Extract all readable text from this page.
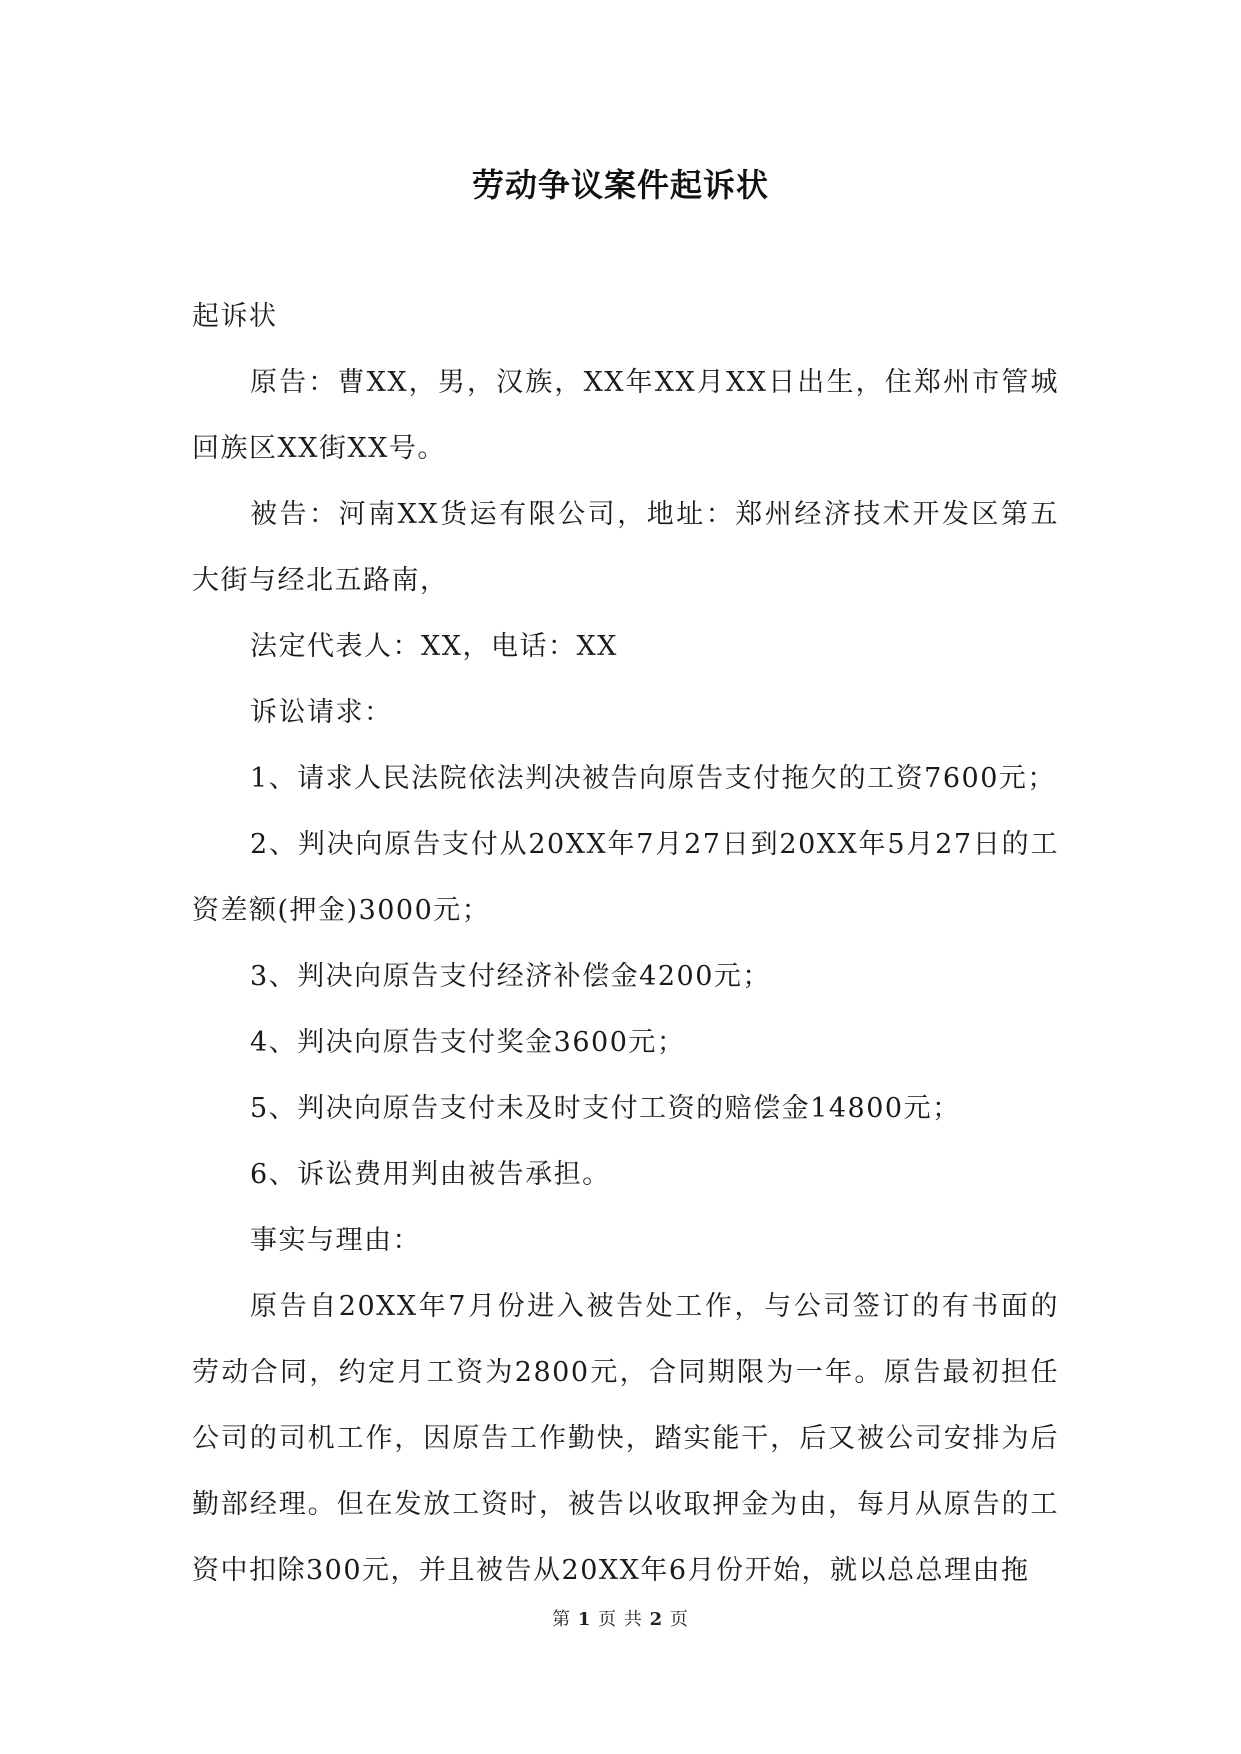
劳动争议案件起诉状

起诉状

原告：曹XX，男，汉族，XX年XX月XX日出生，住郑州市管城回族区XX街XX号。

被告：河南XX货运有限公司，地址：郑州经济技术开发区第五大街与经北五路南，

法定代表人：XX，电话：XX

诉讼请求：

1、请求人民法院依法判决被告向原告支付拖欠的工资7600元；

2、判决向原告支付从20XX年7月27日到20XX年5月27日的工资差额(押金)3000元；

3、判决向原告支付经济补偿金4200元；

4、判决向原告支付奖金3600元；

5、判决向原告支付未及时支付工资的赔偿金14800元；

6、诉讼费用判由被告承担。

事实与理由：

原告自20XX年7月份进入被告处工作，与公司签订的有书面的劳动合同，约定月工资为2800元，合同期限为一年。原告最初担任公司的司机工作，因原告工作勤快，踏实能干，后又被公司安排为后勤部经理。但在发放工资时，被告以收取押金为由，每月从原告的工资中扣除300元，并且被告从20XX年6月份开始，就以总总理由拖

第 1 页 共 2 页
